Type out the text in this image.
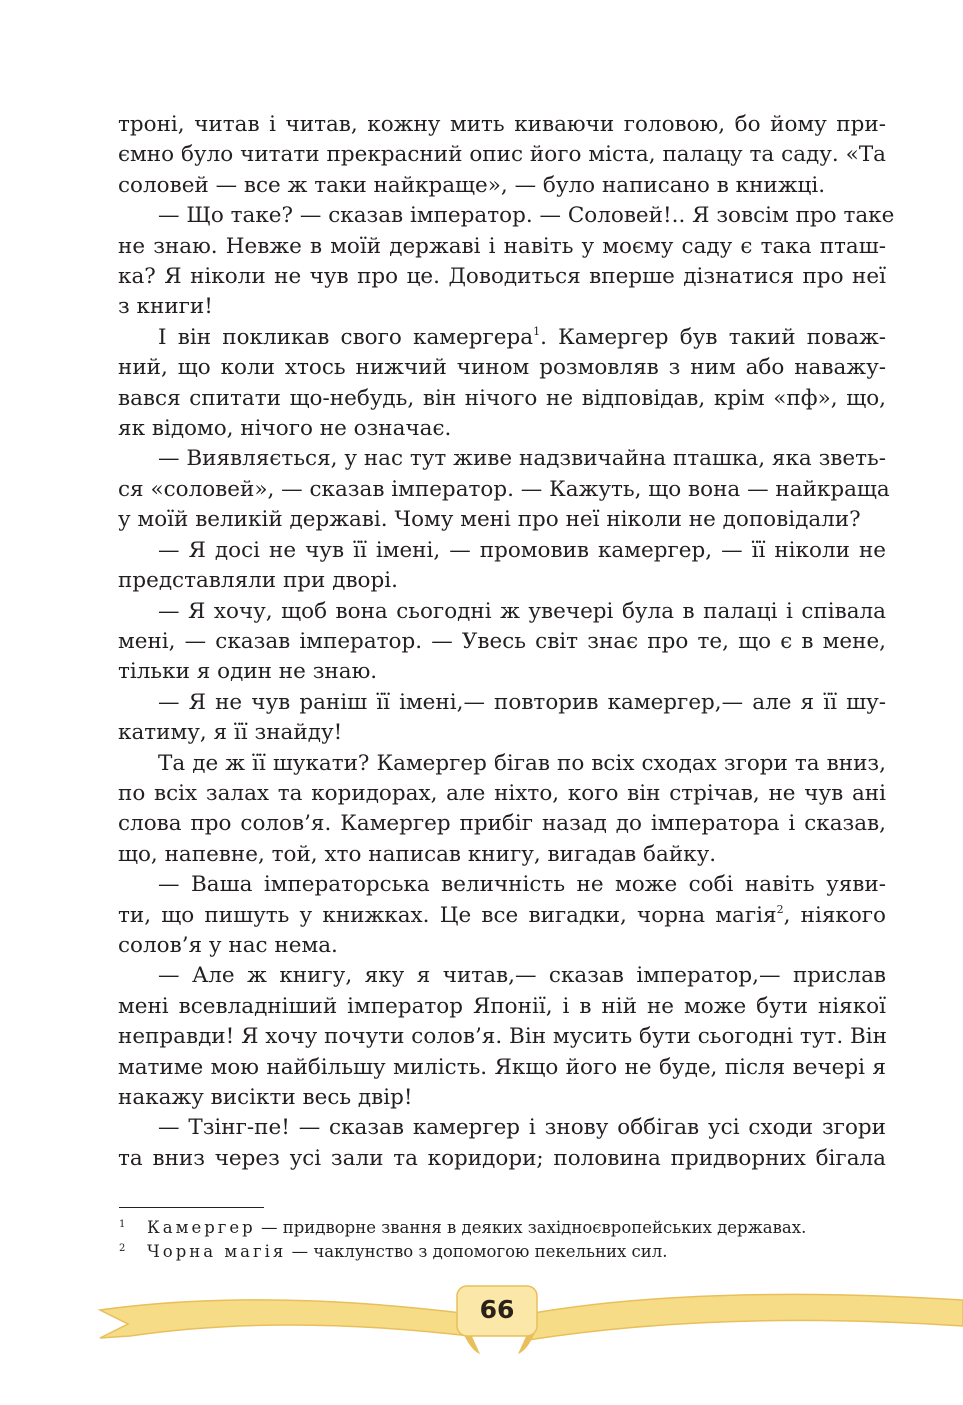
троні, читав і читав, кожну мить киваючи головою, бо йому при-
ємно було читати прекрасний опис його міста, палацу та саду. «Та
соловей — все ж таки найкраще», — було написано в книжці.
— Що таке? — сказав імператор. — Соловей!.. Я зовсім про таке
не знаю. Невже в моїй державі і навіть у моєму саду є така пташ-
ка? Я ніколи не чув про це. Доводиться вперше дізнатися про неї
з книги!
І він покликав свого камергера$^1$. Камергер був такий поваж-
ний, що коли хтось нижчий чином розмовляв з ним або наважу-
вався спитати що-небудь, він нічого не відповідав, крім «пф», що,
як відомо, нічого не означає.
— Виявляється, у нас тут живе надзвичайна пташка, яка зветь-
ся «соловей», — сказав імператор. — Кажуть, що вона — найкраща
у моїй великій державі. Чому мені про неї ніколи не доповідали?
— Я досі не чув її імені, — промовив камергер, — її ніколи не
представляли при дворі.
— Я хочу, щоб вона сьогодні ж увечері була в палаці і співала
мені, — сказав імператор. — Увесь світ знає про те, що є в мене,
тільки я один не знаю.
— Я не чув раніш її імені,— повторив камергер,— але я її шу-
катиму, я її знайду!
Та де ж її шукати? Камергер бігав по всіх сходах згори та вниз,
по всіх залах та коридорах, але ніхто, кого він стрічав, не чув ані
слова про солов’я. Камергер прибіг назад до імператора і сказав,
що, напевне, той, хто написав книгу, вигадав байку.
— Ваша імператорська величність не може собі навіть уяви-
ти, що пишуть у книжках. Це все вигадки, чорна магія$^2$, ніякого
солов’я у нас нема.
— Але ж книгу, яку я читав,— сказав імператор,— прислав
мені всевладніший імператор Японії, і в ній не може бути ніякої
неправди! Я хочу почути солов’я. Він мусить бути сьогодні тут. Він
матиме мою найбільшу милість. Якщо його не буде, після вечері я
накажу висікти весь двір!
— Тзінг-пе! — сказав камергер і знову оббігав усі сходи згори
та вниз через усі зали та коридори; половина придворних бігала
1 Камергер — придворне звання в деяких західноєвропейських державах.
2 Чорна магія — чаклунство з допомогою пекельних сил.
66
